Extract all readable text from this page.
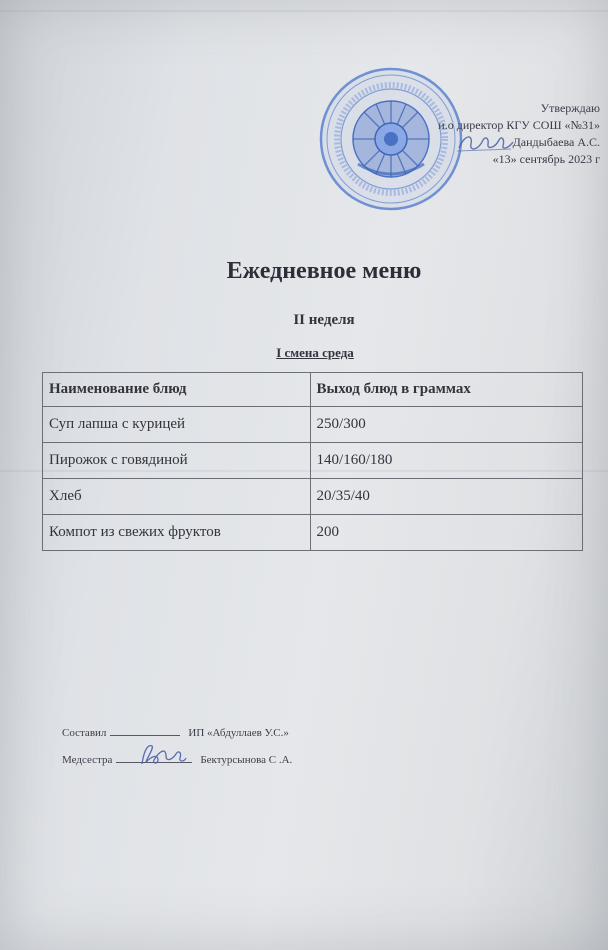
Утверждаю
и.о директор КГУ СОШ «№31»
Дандыбаева А.С.
«13» сентябрь 2023 г
Ежедневное меню
II неделя
I смена среда
Наименование блюд	Выход блюд в граммах
Суп лапша с курицей	250/300
Пирожок с говядиной	140/160/180
Хлеб	20/35/40
Компот из свежих фруктов	200
Составил	ИП «Абдуллаев У.С.»
Медсестра	Бектурсынова С .А.
